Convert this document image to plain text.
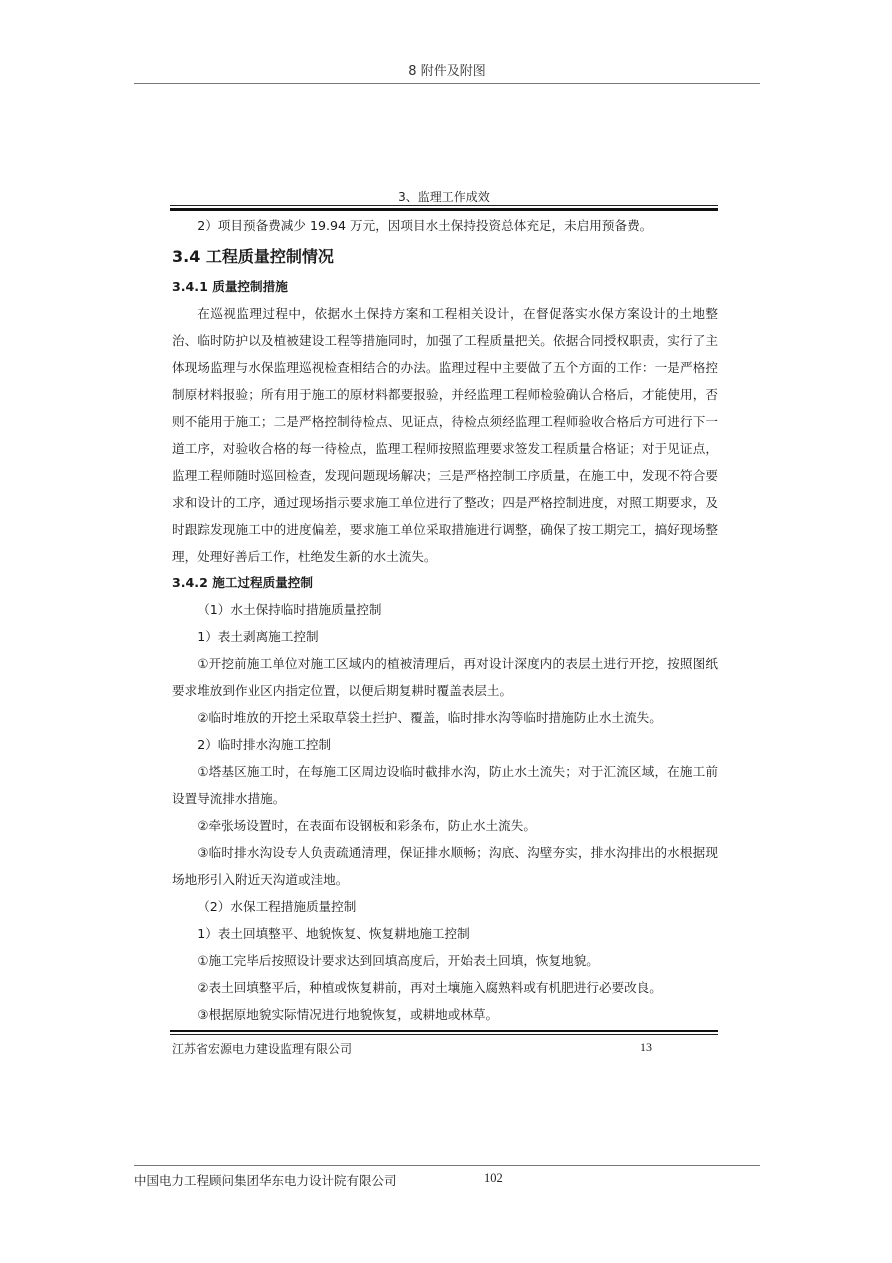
8 附件及附图
3、监理工作成效

2）项目预备费减少 19.94 万元，因项目水土保持投资总体充足，未启用预备费。

3.4 工程质量控制情况
3.4.1 质量控制措施

在巡视监理过程中，依据水土保持方案和工程相关设计，在督促落实水保方案设计的土地整治、临时防护以及植被建设工程等措施同时，加强了工程质量把关。依据合同授权职责，实行了主体现场监理与水保监理巡视检查相结合的办法。监理过程中主要做了五个方面的工作：一是严格控制原材料报验；所有用于施工的原材料都要报验，并经监理工程师检验确认合格后，才能使用，否则不能用于施工；二是严格控制待检点、见证点，待检点须经监理工程师验收合格后方可进行下一道工序，对验收合格的每一待检点，监理工程师按照监理要求签发工程质量合格证；对于见证点，监理工程师随时巡回检查，发现问题现场解决；三是严格控制工序质量，在施工中，发现不符合要求和设计的工序，通过现场指示要求施工单位进行了整改；四是严格控制进度，对照工期要求，及时跟踪发现施工中的进度偏差，要求施工单位采取措施进行调整，确保了按工期完工，搞好现场整理，处理好善后工作，杜绝发生新的水土流失。

3.4.2 施工过程质量控制

（1）水土保持临时措施质量控制

1）表土剥离施工控制

①开挖前施工单位对施工区域内的植被清理后，再对设计深度内的表层土进行开挖，按照图纸要求堆放到作业区内指定位置，以便后期复耕时覆盖表层土。

②临时堆放的开挖土采取草袋土拦护、覆盖，临时排水沟等临时措施防止水土流失。

2）临时排水沟施工控制

①塔基区施工时，在每施工区周边设临时截排水沟，防止水土流失；对于汇流区域，在施工前设置导流排水措施。

②牵张场设置时，在表面布设钢板和彩条布，防止水土流失。

③临时排水沟设专人负责疏通清理，保证排水顺畅；沟底、沟壁夯实，排水沟排出的水根据现场地形引入附近天沟道或洼地。

（2）水保工程措施质量控制

1）表土回填整平、地貌恢复、恢复耕地施工控制

①施工完毕后按照设计要求达到回填高度后，开始表土回填，恢复地貌。

②表土回填整平后，种植或恢复耕前，再对土壤施入腐熟料或有机肥进行必要改良。

③根据原地貌实际情况进行地貌恢复，或耕地或林草。

江苏省宏源电力建设监理有限公司	13
中国电力工程顾问集团华东电力设计院有限公司	102
